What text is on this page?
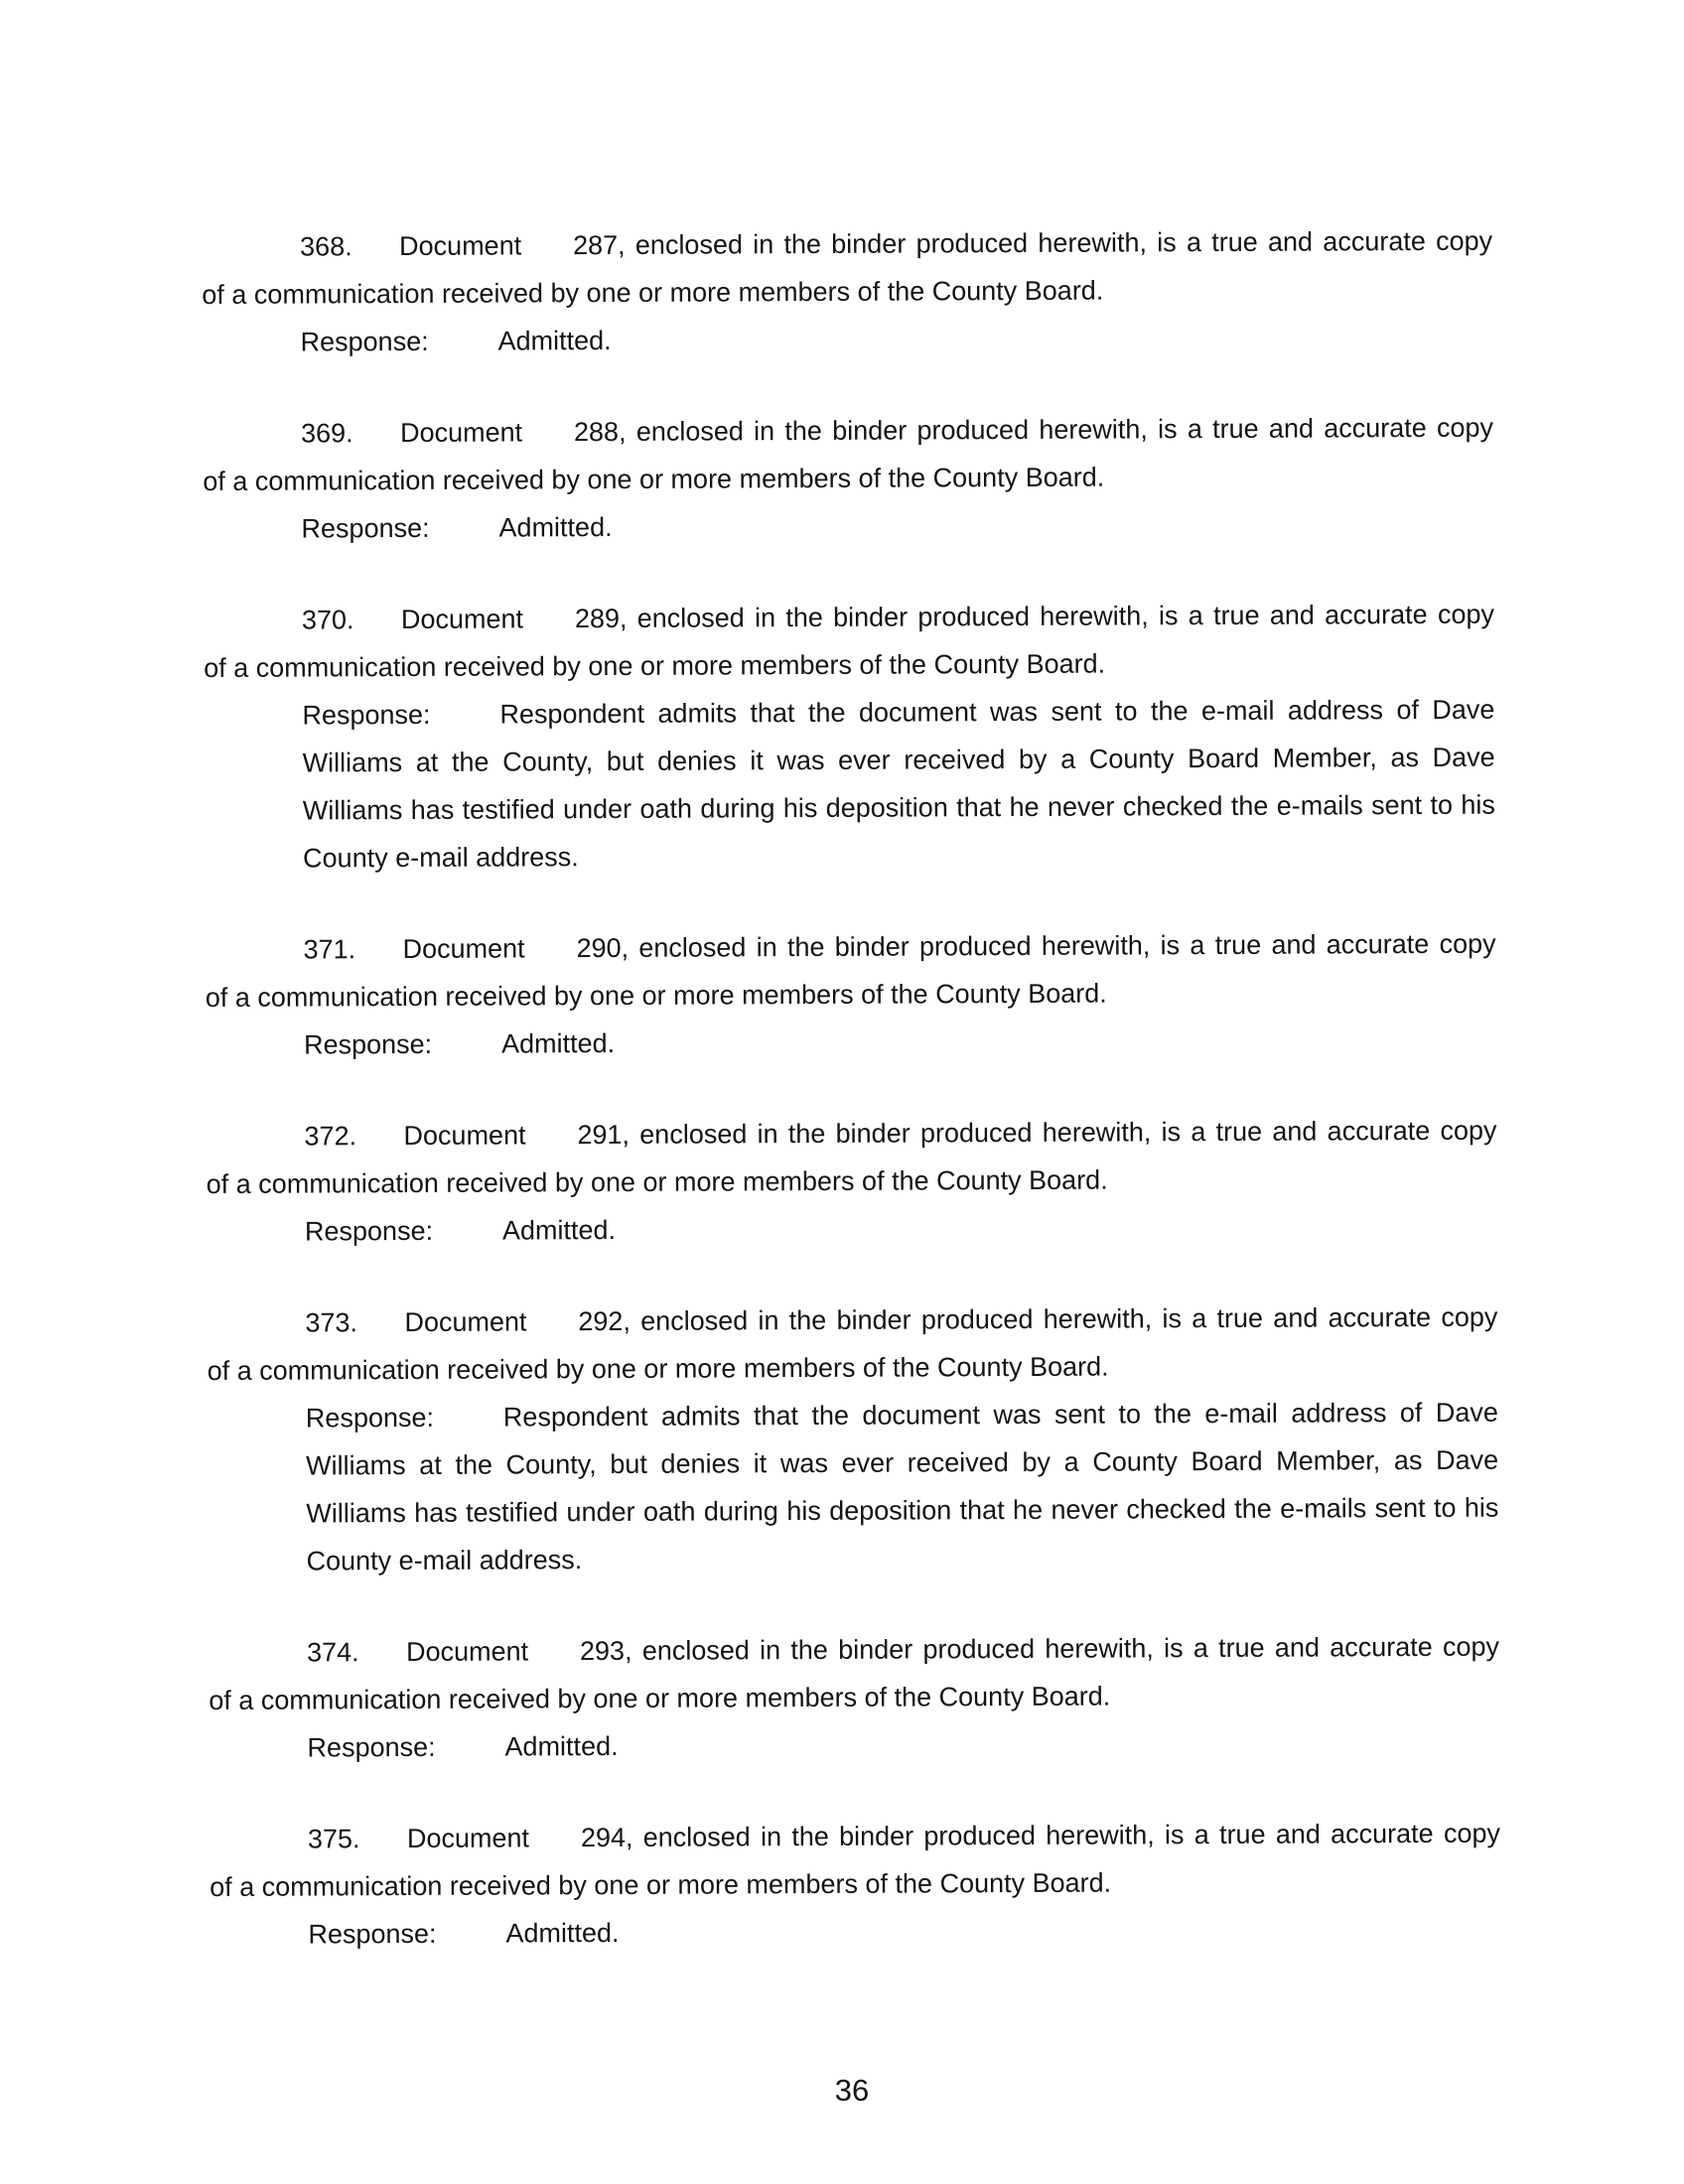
368.	Document 287 , enclosed in the binder produced herewith, is a true and accurate copy
of a communication received by one or more members of the County Board.
Response:	Admitted.
369.	Document 288 , enclosed in the binder produced herewith, is a true and accurate copy
of a communication received by one or more members of the County Board.
Response:	Admitted.
370.	Document 289 , enclosed in the binder produced herewith, is a true and accurate copy
of a communication received by one or more members of the County Board.
Response:	Respondent admits that the document was sent to the e-mail address of Dave Williams at the County, but denies it was ever received by a County Board Member, as Dave Williams has testified under oath during his deposition that he never checked the e-mails sent to his County e-mail address.
371.	Document 290 , enclosed in the binder produced herewith, is a true and accurate copy
of a communication received by one or more members of the County Board.
Response:	Admitted.
372.	Document 291 , enclosed in the binder produced herewith, is a true and accurate copy
of a communication received by one or more members of the County Board.
Response:	Admitted.
373.	Document 292 , enclosed in the binder produced herewith, is a true and accurate copy
of a communication received by one or more members of the County Board.
Response:	Respondent admits that the document was sent to the e-mail address of Dave Williams at the County, but denies it was ever received by a County Board Member, as Dave Williams has testified under oath during his deposition that he never checked the e-mails sent to his County e-mail address.
374.	Document 293 , enclosed in the binder produced herewith, is a true and accurate copy
of a communication received by one or more members of the County Board.
Response:	Admitted.
375.	Document 294 , enclosed in the binder produced herewith, is a true and accurate copy
of a communication received by one or more members of the County Board.
Response:	Admitted.
36
